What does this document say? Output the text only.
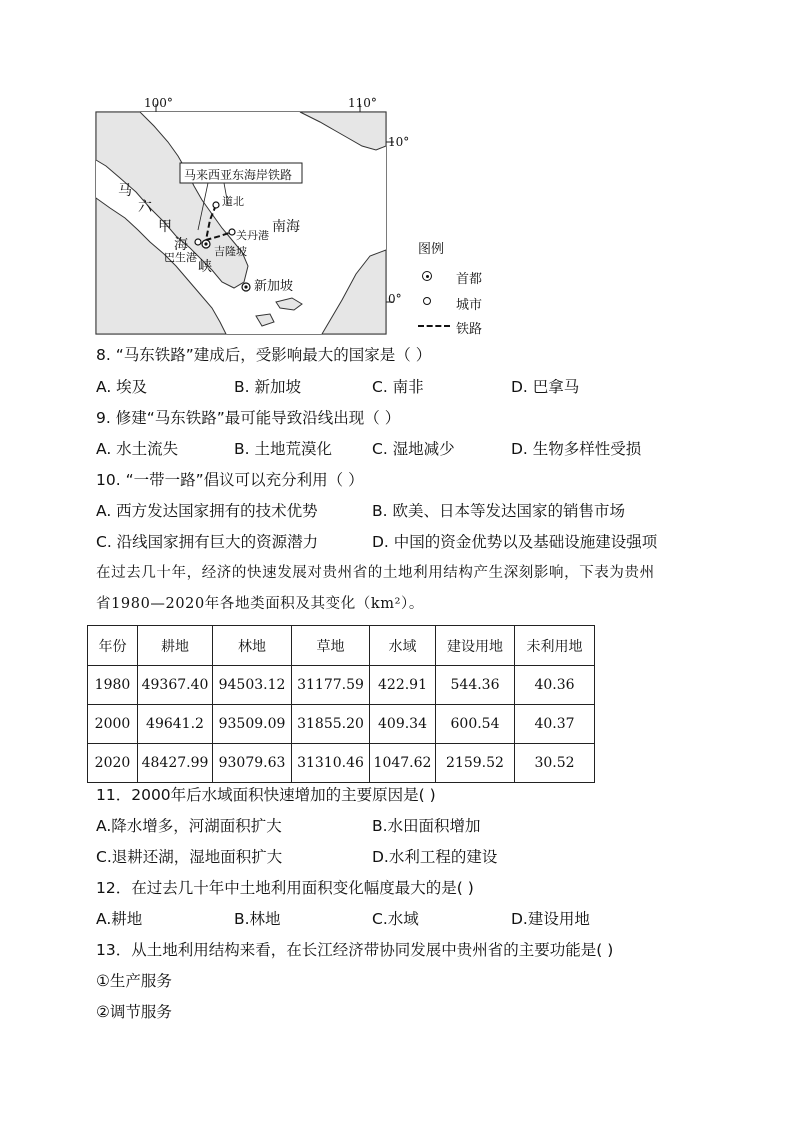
100°	110°
10°
0°
马来西亚东海岸铁路
马
六
甲
海
峡
道北
关丹港
巴生港 吉隆坡
新加坡
南海
图例
首都
城市
铁路
8. “马东铁路”建成后，受影响最大的国家是（ ）
A. 埃及	B. 新加坡	C. 南非	D. 巴拿马
9. 修建“马东铁路”最可能导致沿线出现（ ）
A. 水土流失	B. 土地荒漠化	C. 湿地减少	D. 生物多样性受损
10. “一带一路”倡议可以充分利用（ ）
A. 西方发达国家拥有的技术优势	B. 欧美、日本等发达国家的销售市场
C. 沿线国家拥有巨大的资源潜力	D. 中国的资金优势以及基础设施建设强项
在过去几十年，经济的快速发展对贵州省的土地利用结构产生深刻影响，下表为贵州
省1980—2020年各地类面积及其变化（km²）。
年份	耕地	林地	草地	水域	建设用地	未利用地
1980	49367.40	94503.12	31177.59	422.91	544.36	40.36
2000	49641.2	93509.09	31855.20	409.34	600.54	40.37
2020	48427.99	93079.63	31310.46	1047.62	2159.52	30.52
11．2000年后水域面积快速增加的主要原因是( )
A.降水增多，河湖面积扩大	B.水田面积增加
C.退耕还湖，湿地面积扩大	D.水利工程的建设
12．在过去几十年中土地利用面积变化幅度最大的是( )
A.耕地	B.林地	C.水域	D.建设用地
13．从土地利用结构来看，在长江经济带协同发展中贵州省的主要功能是( )
①生产服务
②调节服务
